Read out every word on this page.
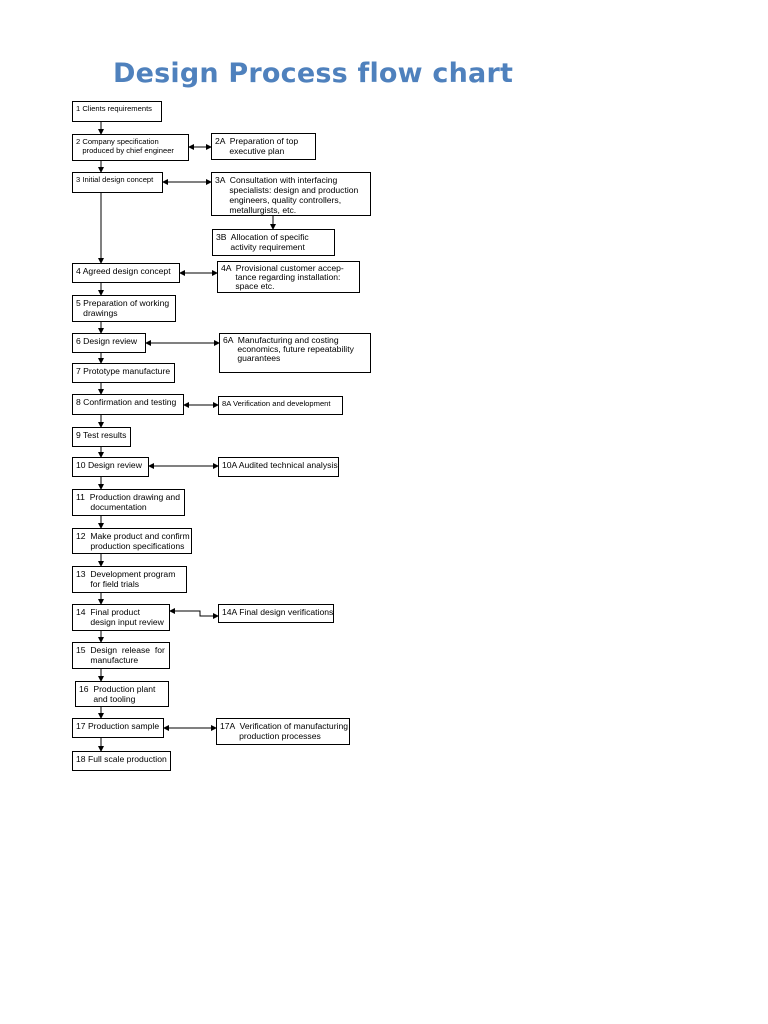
Design Process flow chart
1 Clients requirements
2 Company specification
produced by chief engineer
3 Initial design concept
4 Agreed design concept
5 Preparation of working
drawings
6 Design review
7 Prototype manufacture
8 Confirmation and testing
9 Test results
10 Design review
11  Production drawing and
documentation
12  Make product and confirm
production specifications
13  Development program
for field trials
14  Final product
design input review
15  Design  release  for
manufacture
16  Production plant
and tooling
17 Production sample
18 Full scale production
2A  Preparation of top
executive plan
3A  Consultation with interfacing
specialists: design and production
engineers, quality controllers,
metallurgists, etc.
3B  Allocation of specific
activity requirement
4A  Provisional customer accep-
tance regarding installation:
space etc.
6A  Manufacturing and costing
economics, future repeatability
guarantees
8A Verification and development
10A Audited technical analysis
14A Final design verifications
17A  Verification of manufacturing
production processes
